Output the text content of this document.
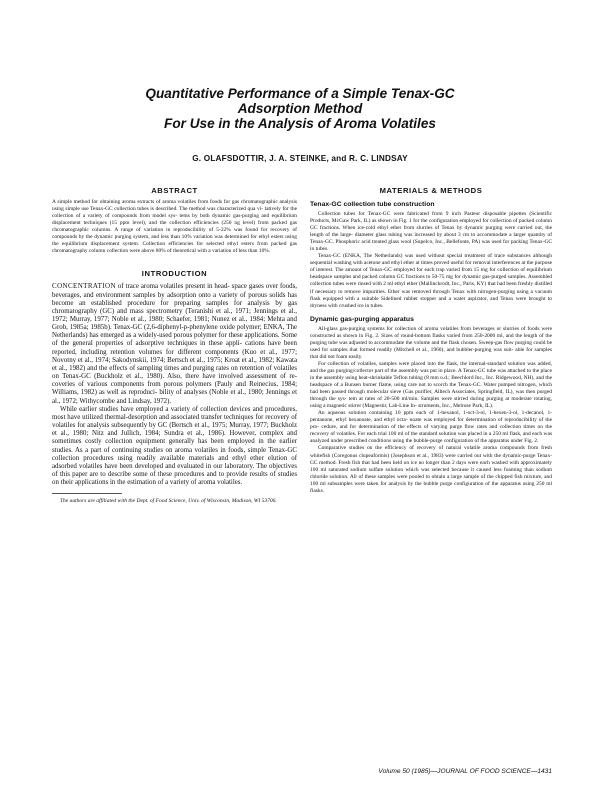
Quantitative Performance of a Simple Tenax-GC
Adsorption Method
For Use in the Analysis of Aroma Volatiles
G. OLAFSDOTTIR, J. A. STEINKE, and R. C. LINDSAY
ABSTRACT

A simple method for obtaining aroma extracts of aroma volatiles from foods for gas chromatographic analysis using simple use Tenax-GC collection tubes is described. The method was characterized qua vi- tatively for the collection of a variety of compounds from model sys- tems by both dynamic gas-purging and equilibrium displacement techniques (15 ppm level), and the collection efficiencies (250 ng level) from packed gas chromatographic columns. A range of variation in reproducibility of 5-22% was found for recovery of compounds by the dynamic purging system, and less than 10% variation was determined for ethyl esters using the equilibrium displacement system. Collection efficiencies for selected ethyl esters from packed gas chromatography column collection were above 80% of theoretical with a variation of less than 10%.

INTRODUCTION

CONCENTRATION of trace aroma volatiles present in head- space gases over foods, beverages, and environment samples by adsorption onto a variety of porous solids has become an established procedure for preparing samples for analysis by gas chromatography (GC) and mass spectrometry (Teranishi et al., 1971; Jennings et al., 1972; Murray, 1977; Noble et al., 1980; Schaefer, 1981; Nunez et al., 1984; Mehta and Grob, 1985a; 1985b). Tenax-GC (2,6-diphenyl-p-phenylene oxide polymer; ENKA, The Netherlands) has emerged as a widely-used porous polymer for these applications. Some of the general properties of adsorptive techniques in these appli- cations have been reported, including retention volumes for different components (Kuo et al., 1977; Novotny et al., 1974; Sakodynskii, 1974; Bertsch et al., 1975; Kroat et al., 1982; Kawata et al., 1982) and the effects of sampling times and purging rates on retention of volatiles on Tenax-GC (Buckholz et al., 1980). Also, there have involved assessment of re- coveries of various components from porous polymers (Pauly and Reinecius, 1984; Williams, 1982) as well as reproduci- bility of analyses (Noble et al., 1980; Jennings et al., 1972; Withycombe and Lindsay, 1972).

While earlier studies have employed a variety of collection devices and procedures, most have utilized thermal-desorption and associated transfer techniques for recovery of volatiles for analysis subsequently by GC (Bertsch et al., 1975; Murray, 1977; Buckholz et al., 1980; Nitz and Jullich, 1984; Sundra et al., 1986). However, complex and sometimes costly collection equipment generally has been employed in the earlier studies. As a part of continuing studies on aroma volatiles in foods, simple Tenax-GC collection procedures using readily available materials and ethyl ether elution of adsorbed volatiles have been developed and evaluated in our laboratory. The objectives of this paper are to describe some of these procedures and to provide results of studies on their applications in the estimation of a variety of aroma volatiles.

The authors are affiliated with the Dept. of Food Science, Univ. of Wisconsin, Madison, WI 53706.

MATERIALS & METHODS
Tenax-GC collection tube construction

Collection tubes for Tenax-GC were fabricated from 9 inch Pasteur disposable pipettes (Scientific Products, McGaw Park, IL) as shown in Fig. 1 for the configuration employed for collection of packed column GC fractions. When ice-cold ethyl ether from slurries of Tenax by dynamic purging were carried out, the length of the large- diameter glass tubing was increased by about 3 cm to accommodate a larger quantity of Tenax-GC. Phosphoric acid treated glass wool (Supelco, Inc., Bellefonte, PA) was used for packing Tenax-GC in tubes.

Tenax-GC (ENKA, The Netherlands) was used without special treatment of trace substances although sequential washing with acetone and ethyl ether at times proved useful for removal interferences at the purpose of interest. The amount of Tenax-GC employed for each trap varied from 15 mg for collection of equilibrium headspace samples and packed column GC fractions to 50-75 mg for dynamic gas-purged samples. Assembled collection tubes were rinsed with 2 ml ethyl ether (Mallinckrodt, Inc., Paris, KY) that had been freshly distilled if necessary to remove impurities. Ether was removed through Tenax with nitrogen-purging using a vacuum flask equipped with a suitable Sidelined rubber stopper and a water aspirator, and Tenax were brought to dryness with crushed ice in tubes.

Dynamic gas-purging apparatus

All-glass gas-purging systems for collection of aroma volatiles from beverages or slurries of foods were constructed as shown in Fig. 2. Sizes of round-bottom flasks varied from 250-2000 ml, and the length of the purging tube was adjusted to accommodate the volume and the flask chosen. Sweep-gas flow purging could be used for samples that formed readily (Mitchell et al., 1960), and bubbler-purging was suit- able for samples that did not foam easily.

For collection of volatiles, samples were placed into the flask, the internal-standard solution was added, and the gas purging/collector part of the assembly was put in place. A Tenax-GC tube was attached to the place in the assembly using heat-shrinkable Teflon tubing (8 mm o.d.; Beechlord Inc., Inc. Ridgewood, NH), and the headspace of a Bunsen burner flame, using care not to scorch the Tenax-GC. Water pumped nitrogen, which had been passed through molecular sieve (Gas purifier, Alltech Associates, Springfield, IL), was then purged through the sys- tem at rates of 20-500 ml/min. Samples were stirred during purging at moderate rotating, using a magnetic stirrer (Magnestir, Lab-Line In- struments, Inc., Melrose Park, IL).

An aqueous solution containing 10 ppm each of 1-hexanol, 1-oct-3-ol, 1-hexen-3-ol, 1-decanol, 1-pentanone, ethyl hexanoate, and ethyl octa- noate was employed for determination of reproducibility of the pro- cedure, and for determination of the effects of varying purge flow rates and collection times on the recovery of volatiles. For each trial 100 ml of the standard solution was placed in a 250 ml flask, and each was analyzed under prescribed conditions using the bubble-purge configuration of the apparatus under Fig. 2.

Comparative studies on the efficiency of recovery of natural volatile aroma compounds from fresh whitefish (Coregonus clupeaformis) (Josephson et al., 1983) were carried out with the dynamic-purge Tenax-GC method. Fresh fish that had been held on ice no longer than 2 days were each washed with approximately 100 ml saturated sodium sulfate solution which was selected because it caused less foaming than sodium chloride solution. All of these samples were pooled to obtain a large sample of the chipped fish mixture, and 100 ml subsamples were taken for analysis by the bubble purge configuration of the apparatus using 250 ml flasks.

Volume 50 (1985)—JOURNAL OF FOOD SCIENCE—1431
